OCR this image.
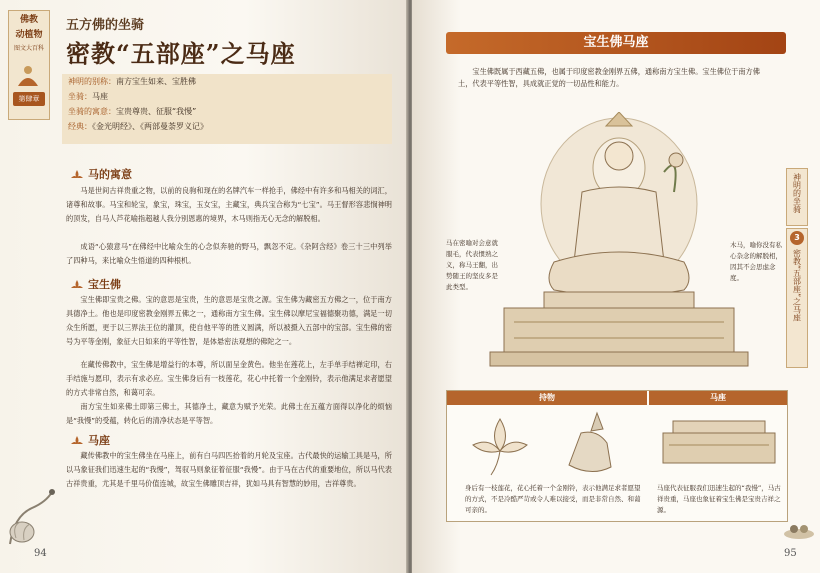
佛教
动植物
图文大百科
第肆章
五方佛的坐骑
密教“五部座”之马座
神明的别称：南方宝生如来、宝胜佛
坐骑：马座
坐骑的寓意：宝贵尊贵、征服“我慢”
经典：《金光明经》、《两部曼荼罗义记》
马的寓意
马是世间古祥贵重之物，以前的良驹和现在的名牌汽车一样抢手，佛经中有许多和马相关的词汇，诸尊和故事。马宝和轮宝，象宝，珠宝，玉女宝，主藏宝，典兵宝合称为“七宝”。马王督形容悲悯神明的顶发，自马人芦花喻指超越人我分别恩惠的境界，木马则指无心无念的解脱相。
成语“心猿意马”在佛经中比喻众生的心念似奔驰的野马，飘忽不定。《杂阿含经》卷三十三中列举了四种马，来比喻众生悟道的四种根机。
宝生佛
宝生佛即宝贵之佛。宝的意思是宝贵，生的意思是宝贵之源。宝生佛为藏密五方佛之一，位于南方具德净土。他也是印度密教金刚界五佛之一，通称南方宝生佛。宝生佛以摩尼宝福德聚功德，满足一切众生所愿，更于以三界法王位的灌顶，使自他平等的胜义圆满，所以被摄入五部中的宝部。宝生佛的密号为平等金刚，象征大日如来的平等性智，是体悬密法观想的佛陀之一。
在藏传佛教中，宝生佛是增益行的本尊，所以面呈金黄色。他坐在莲花上，左手单手结禅定印，右手结施与愿印，表示有求必应。宝生佛身后有一枝莲花，花心中托着一个金刚铃，表示他满足求者愿望的方式非常自然，和蔼可亲。
南方宝生如来佛土即第三佛土，其德净土，藏意为赋予光荣。此佛土在五蕴方面得以净化的烦恼是“我慢”的受蕴，转化后的清净状态是平等智。
马座
藏传佛教中的宝生佛坐在马座上，前有白马四匹抬着的月轮及宝座。古代最快的运输工具是马，所以马象征我们迅速生起的“我慢”，驾驭马则象征着征服“我慢”。由于马在古代的重要地位，所以马代表古祥贵重，尤其是千里马价值连城，故宝生佛雕顶吉祥，犹如马具有智慧的妙用，吉祥尊贵。
94
宝生佛马座
宝生佛既属于西藏五佛，也属于印度密教金刚界五佛，通称南方宝生佛。宝生佛位于南方佛土，代表平等性智，具成就正觉的一切品性和能力。
马在密喻对会意就服毛，代表惯熟之义，称马王翻，出势随王的坚皮多是此类型。
木马，喻你没有私心杂念的解脱相，因其不会思虑念度。
持物	马座
身后有一枝莲花，花心托着一个金刚铃，表示他满足求者愿望的方式，不是冷酷严苛或令人难以接受，而是非常自然、和蔼可亲的。
马座代表征服我们迅速生起的“我慢”，马古祥贵重，马座也象征着宝生佛是宝贵吉祥之源。
95
神明的坐骑
3
密教“五部座”之马座
